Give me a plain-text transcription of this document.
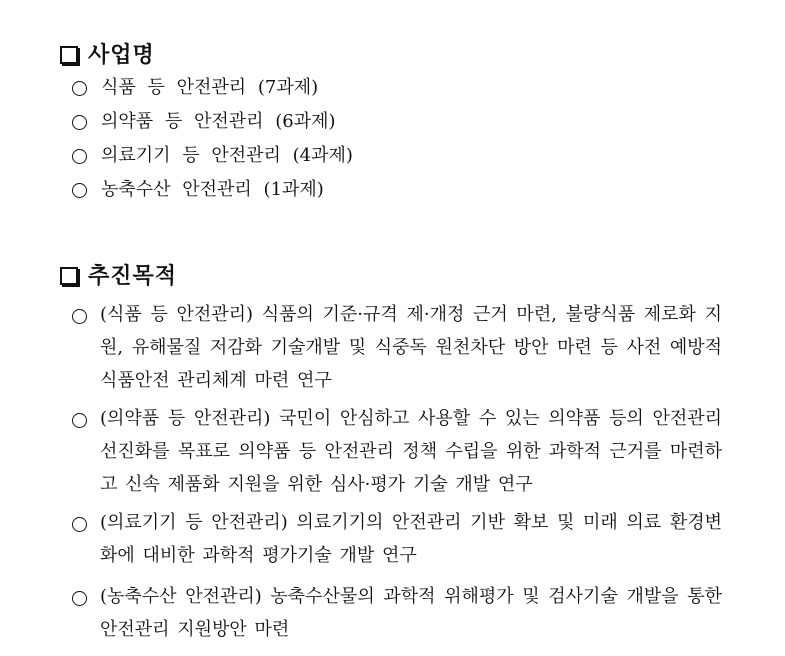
사업명
식품 등 안전관리 (7과제)
의약품 등 안전관리 (6과제)
의료기기 등 안전관리 (4과제)
농축수산 안전관리 (1과제)
추진목적
(식품 등 안전관리) 식품의 기준·규격 제·개정 근거 마련, 불량식품 제로화 지원, 유해물질 저감화 기술개발 및 식중독 원천차단 방안 마련 등 사전 예방적 식품안전 관리체계 마련 연구
(의약품 등 안전관리) 국민이 안심하고 사용할 수 있는 의약품 등의 안전관리 선진화를 목표로 의약품 등 안전관리 정책 수립을 위한 과학적 근거를 마련하고 신속 제품화 지원을 위한 심사·평가 기술 개발 연구
(의료기기 등 안전관리) 의료기기의 안전관리 기반 확보 및 미래 의료 환경변화에 대비한 과학적 평가기술 개발 연구
(농축수산 안전관리) 농축수산물의 과학적 위해평가 및 검사기술 개발을 통한 안전관리 지원방안 마련
